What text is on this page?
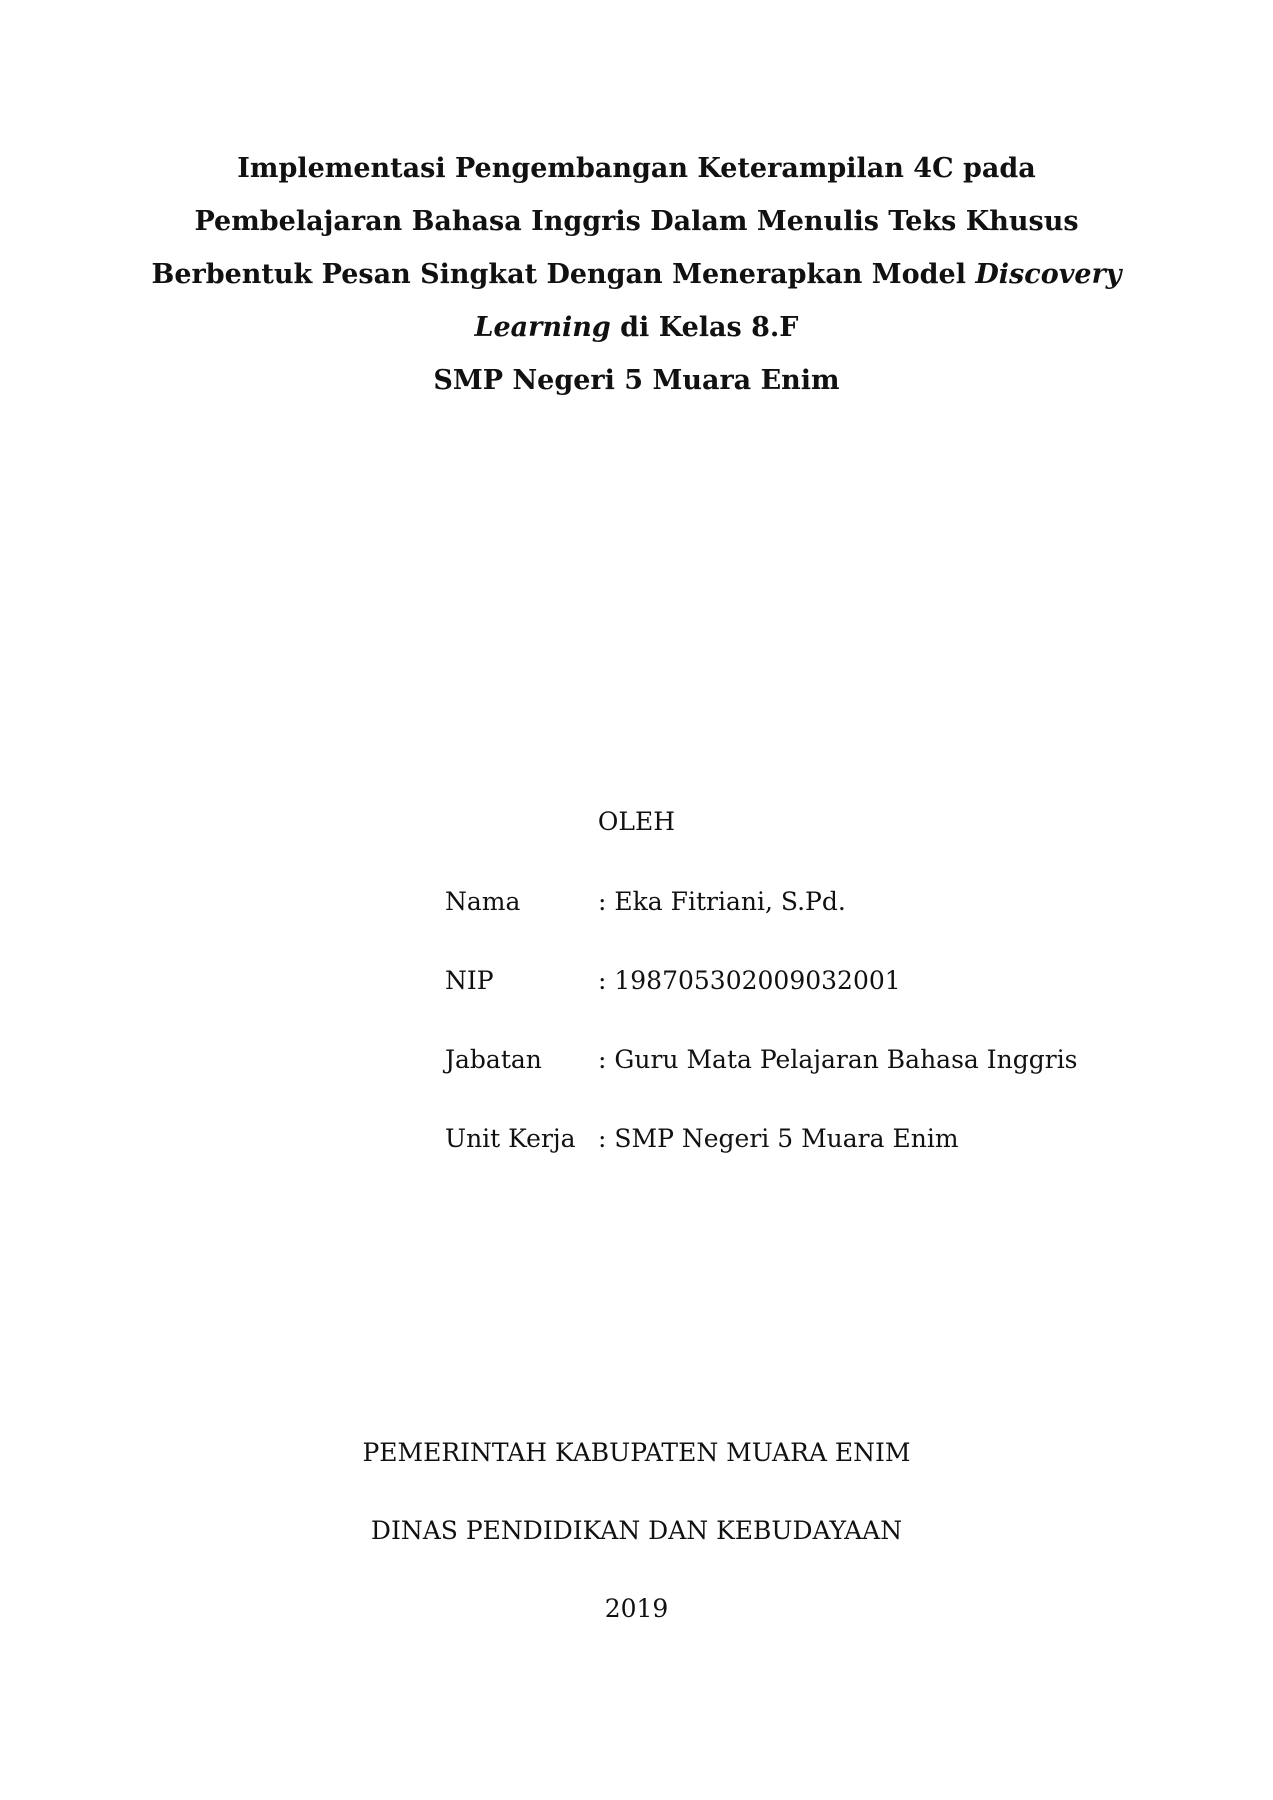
Implementasi Pengembangan Keterampilan 4C pada
Pembelajaran Bahasa Inggris Dalam Menulis Teks Khusus
Berbentuk Pesan Singkat Dengan Menerapkan Model Discovery
Learning di Kelas 8.F
SMP Negeri 5 Muara Enim
OLEH
Nama	: Eka Fitriani, S.Pd.
NIP	: 198705302009032001
Jabatan : Guru Mata Pelajaran Bahasa Inggris
Unit Kerja : SMP Negeri 5 Muara Enim
PEMERINTAH KABUPATEN MUARA ENIM
DINAS PENDIDIKAN DAN KEBUDAYAAN
2019
